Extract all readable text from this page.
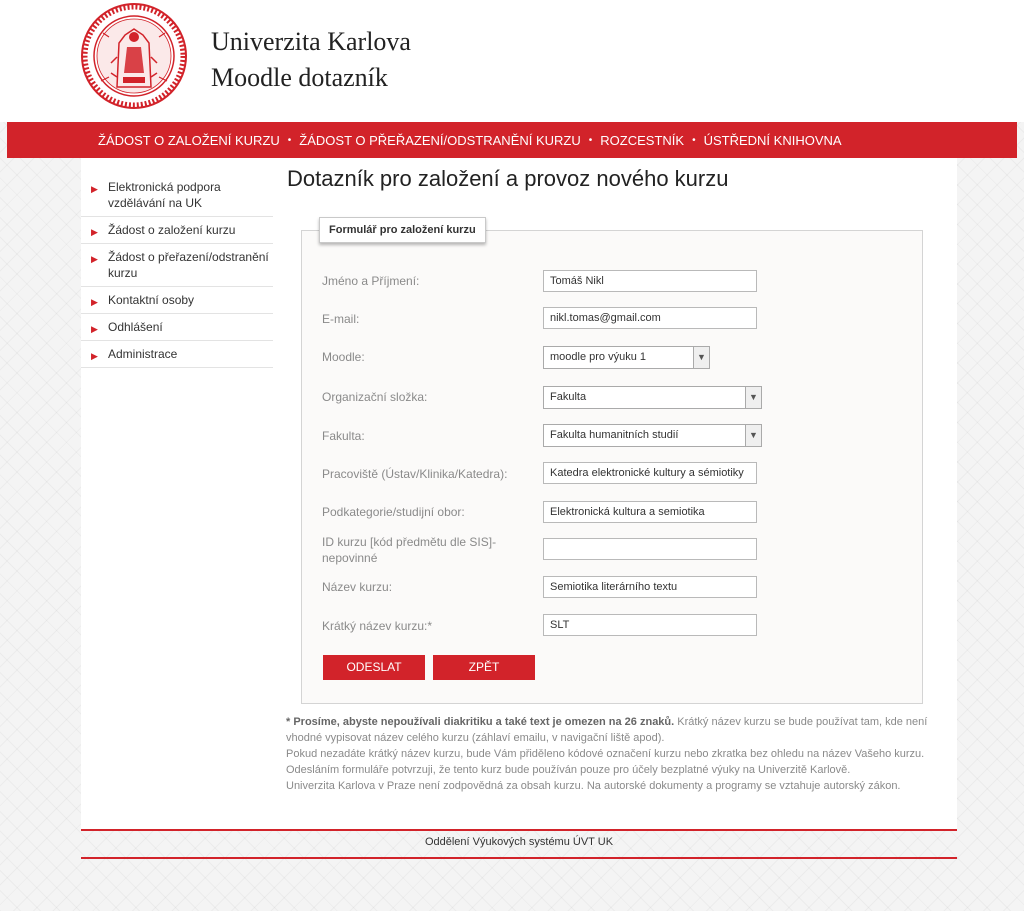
Univerzita Karlova
Moodle dotazník
ŽÁDOST O ZALOŽENÍ KURZU • ŽÁDOST O PŘEŘAZENÍ/ODSTRANĚNÍ KURZU • ROZCESTNÍK • ÚSTŘEDNÍ KNIHOVNA
▶ Elektronická podpora vzdělávání na UK
▶ Žádost o založení kurzu
▶ Žádost o přeřazení/odstranění kurzu
▶ Kontaktní osoby
▶ Odhlášení
▶ Administrace
Dotazník pro založení a provoz nového kurzu
Formulář pro založení kurzu
Jméno a Příjmení:
Tomáš Nikl
E-mail:
nikl.tomas@gmail.com
Moodle:	moodle pro výuku 1	▼
Organizační složka:	Fakulta	▼
Fakulta:	Fakulta humanitních studií	▼
Pracoviště (Ústav/Klinika/Katedra):
Katedra elektronické kultury a sémiotiky
Podkategorie/studijní obor:
Elektronická kultura a semiotika
ID kurzu [kód předmětu dle SIS]- nepovinné
Název kurzu:
Semiotika literárního textu
Krátký název kurzu:*
SLT
ODESLAT	ZPĚT

* Prosíme, abyste nepoužívali diakritiku a také text je omezen na 26 znaků. Krátký název kurzu se bude používat tam, kde není vhodné vypisovat název celého kurzu (záhlaví emailu, v navigační liště apod).

Pokud nezadáte krátký název kurzu, bude Vám přiděleno kódové označení kurzu nebo zkratka bez ohledu na název Vašeho kurzu.

Odesláním formuláře potvrzuji, že tento kurz bude používán pouze pro účely bezplatné výuky na Univerzitě Karlově.

Univerzita Karlova v Praze není zodpovědná za obsah kurzu. Na autorské dokumenty a programy se vztahuje autorský zákon.

Oddělení Výukových systému ÚVT UK
